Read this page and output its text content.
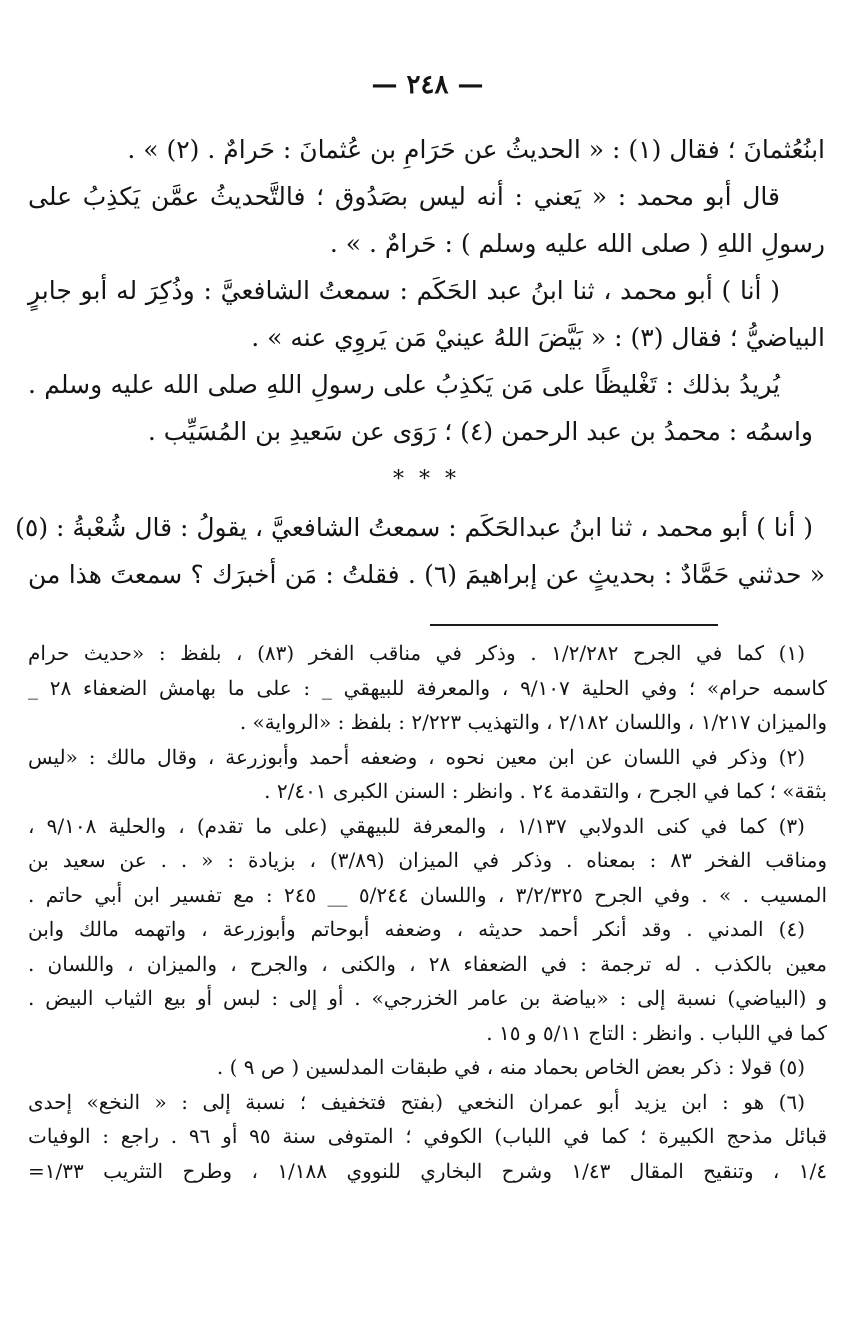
— ٢٤٨ —
ابنُعُثمانَ ؛ فقال (١) : « الحديثُ عن حَرَامِ بن عُثمانَ : حَرامٌ . (٢) » .
قال أبو محمد : « يَعني : أنه ليس بصَدُوق ؛ فالتَّحديثُ عمَّن يَكذِبُ على
رسولِ اللهِ ( صلى الله عليه وسلم ) : حَرامٌ . » .
( أنا ) أبو محمد ، ثنا ابنُ عبد الحَكَم : سمعتُ الشافعيَّ : وذُكِرَ له أبو جابرٍ
البياضيُّ ؛ فقال (٣) : « بَيَّضَ اللهُ عينيْ مَن يَروِي عنه » .
يُريدُ بذلك : تَغْليظًا على مَن يَكذِبُ على رسولِ اللهِ صلى الله عليه وسلم .
واسمُه : محمدُ بن عبد الرحمن (٤) ؛ رَوَى عن سَعيدِ بن المُسَيِّب .
* * *
( أنا ) أبو محمد ، ثنا ابنُ عبدالحَكَم : سمعتُ الشافعيَّ ، يقولُ : قال شُعْبةُ : (٥)
« حدثني حَمَّادٌ : بحديثٍ عن إبراهيمَ (٦) . فقلتُ : مَن أخبرَك ؟ سمعتَ هذا من
(١) كما في الجرح ١/٢/٢٨٢ . وذكر في مناقب الفخر (٨٣) ، بلفظ : «حديث حرام
كاسمه حرام» ؛ وفي الحلية ٩/١٠٧ ، والمعرفة للبيهقي _ : على ما بهامش الضعفاء ٢٨ _
والميزان ١/٢١٧ ، واللسان ٢/١٨٢ ، والتهذيب ٢/٢٢٣ : بلفظ : «الرواية» .
(٢) وذكر في اللسان عن ابن معين نحوه ، وضعفه أحمد وأبوزرعة ، وقال مالك : «ليس
بثقة» ؛ كما في الجرح ، والتقدمة ٢٤ . وانظر : السنن الكبرى ٢/٤٠١ .
(٣) كما في كنى الدولابي ١/١٣٧ ، والمعرفة للبيهقي (على ما تقدم) ، والحلية ٩/١٠٨ ،
ومناقب الفخر ٨٣ : بمعناه . وذكر في الميزان (٣/٨٩) ، بزيادة : « . . عن سعيد بن
المسيب . » . وفي الجرح ٣/٢/٣٢٥ ، واللسان ٥/٢٤٤ __ ٢٤٥ : مع تفسير ابن أبي حاتم .
(٤) المدني . وقد أنكر أحمد حديثه ، وضعفه أبوحاتم وأبوزرعة ، واتهمه مالك وابن
معين بالكذب . له ترجمة : في الضعفاء ٢٨ ، والكنى ، والجرح ، والميزان ، واللسان .
و (البياضي) نسبة إلى : «بياضة بن عامر الخزرجي» . أو إلى : لبس أو بيع الثياب البيض .
كما في اللباب . وانظر : التاج ٥/١١ و ١٥ .
(٥) قولا : ذكر بعض الخاص بحماد منه ، في طبقات المدلسين ( ص ٩ ) .
(٦) هو : ابن يزيد أبو عمران النخعي (بفتح فتخفيف ؛ نسبة إلى : « النخع» إحدى
قبائل مذحج الكبيرة ؛ كما في اللباب) الكوفي ؛ المتوفى سنة ٩٥ أو ٩٦ . راجع : الوفيات
١/٤ ، وتنقيح المقال ١/٤٣ وشرح البخاري للنووي ١/١٨٨ ، وطرح التثريب ١/٣٣=
